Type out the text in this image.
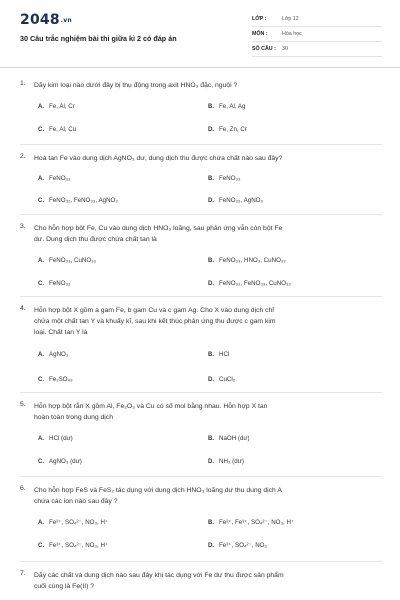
2048.vn
30 Câu trắc nghiệm bài thi giữa kì 2 có đáp án
LỚP :	Lớp 12
MÔN :	Hóa học
SỐ CÂU : 30
1. Dãy kim loại nào dưới đây bị thụ động trong axit HNO₃ đặc, nguội ?
A. Fe, Al, Cr	B. Fe, Al, Ag
C. Fe, Al, Cu	D. Fe, Zn, Cr
2. Hoà tan Fe vào dung dịch AgNO₃ dư, dung dịch thu được chứa chất nào sau đây?
A. FeNO₃₂	B. FeNO₃₃
C. FeNO₃₂, FeNO₃₃, AgNO₃	D. FeNO₃₃, AgNO₃
3. Cho hỗn hợp bột Fe, Cu vào dung dịch HNO₃ loãng, sau phản ứng vẫn còn bột Fe
dư. Dung dịch thu được chứa chất tan là
A. FeNO₃₃, CuNO₃₂	B. FeNO₃₃, HNO₃, CuNO₃₂
C. FeNO₃₂	D. FeNO₃₂, FeNO₃₃, CuNO₃₂
4. Hỗn hợp bột X gồm a gam Fe, b gam Cu và c gam Ag. Cho X vào dung dịch chỉ
chứa một chất tan Y và khuấy kĩ, sau khi kết thúc phản ứng thu được c gam kim
loại. Chất tan Y là
A. AgNO₃	B. HCl
C. Fe₂SO₄₃	D. CuCl₂
5. Hỗn hợp bột rắn X gồm Al, Fe₂O₃ và Cu có số mol bằng nhau. Hỗn hợp X tan
hoàn toàn trong dung dịch
A. HCl (dư)	B. NaOH (dư)
C. AgNO₃ (dư)	D. NH₃ (dư)
6. Cho hỗn hợp FeS và FeS₂ tác dụng với dung dịch HNO₃ loãng dư thu dung dịch A
chứa các ion nào sau đây ?
A. Fe²⁺, SO₄²⁻, NO₃, H⁺	B. Fe²⁺, Fe³⁺, SO₄²⁻, NO₃, H⁺
C. Fe³⁺, SO₄²⁻, NO₃, H⁺	D. Fe³⁺, SO₄²⁻, NO₃
7. Dãy các chất và dung dịch nào sau đây khi tác dụng với Fe dư thu được sản phẩm
cuối cùng là Fe(II) ?
